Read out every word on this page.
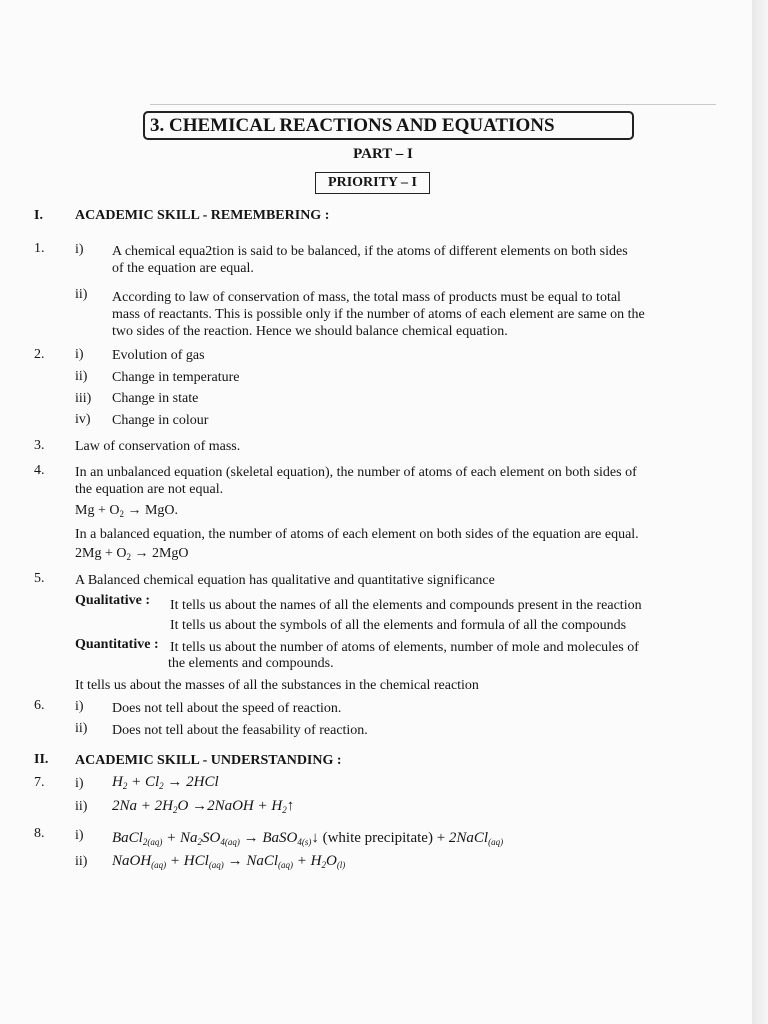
3. CHEMICAL REACTIONS AND EQUATIONS
PART – I
PRIORITY – I
I. ACADEMIC SKILL - REMEMBERING :
1. i) A chemical equa2tion is said to be balanced, if the atoms of different elements on both sides
of the equation are equal.
ii) According to law of conservation of mass, the total mass of products must be equal to total
mass of reactants. This is possible only if the number of atoms of each element are same on the
two sides of the reaction. Hence we should balance chemical equation.
2. i) Evolution of gas
ii) Change in temperature
iii) Change in state
iv) Change in colour
3. Law of conservation of mass.
4. In an unbalanced equation (skeletal equation), the number of atoms of each element on both sides of
the equation are not equal.
$Mg + O_2$ → MgO.
In a balanced equation, the number of atoms of each element on both sides of the equation are equal.
$2Mg + O_2 \to 2MgO$
5. A Balanced chemical equation has qualitative and quantitative significance
Qualitative : It tells us about the names of all the elements and compounds present in the reaction
It tells us about the symbols of all the elements and formula of all the compounds
Quantitative : It tells us about the number of atoms of elements, number of mole and molecules of
the elements and compounds.
It tells us about the masses of all the substances in the chemical reaction
6. i) Does not tell about the speed of reaction.
ii) Does not tell about the feasability of reaction.
II. ACADEMIC SKILL - UNDERSTANDING :
7. i) $H_2 + Cl_2 \to 2HCl$
ii) $2Na + 2H_2O$ →2NaOH + $H_2↑$
8. i) BaCl$_{2(aq)}$ + $Na_2SO_{4(aq)}$ → BaSO$_{4(s)}$↓ (white precipitate) + 2NaCl$_{(aq)}$
ii) NaOH$_{(aq)}$ + HCl$_{(aq)}$ → NaCl$_{(aq)}$ + $H_2O_{(l)}$
